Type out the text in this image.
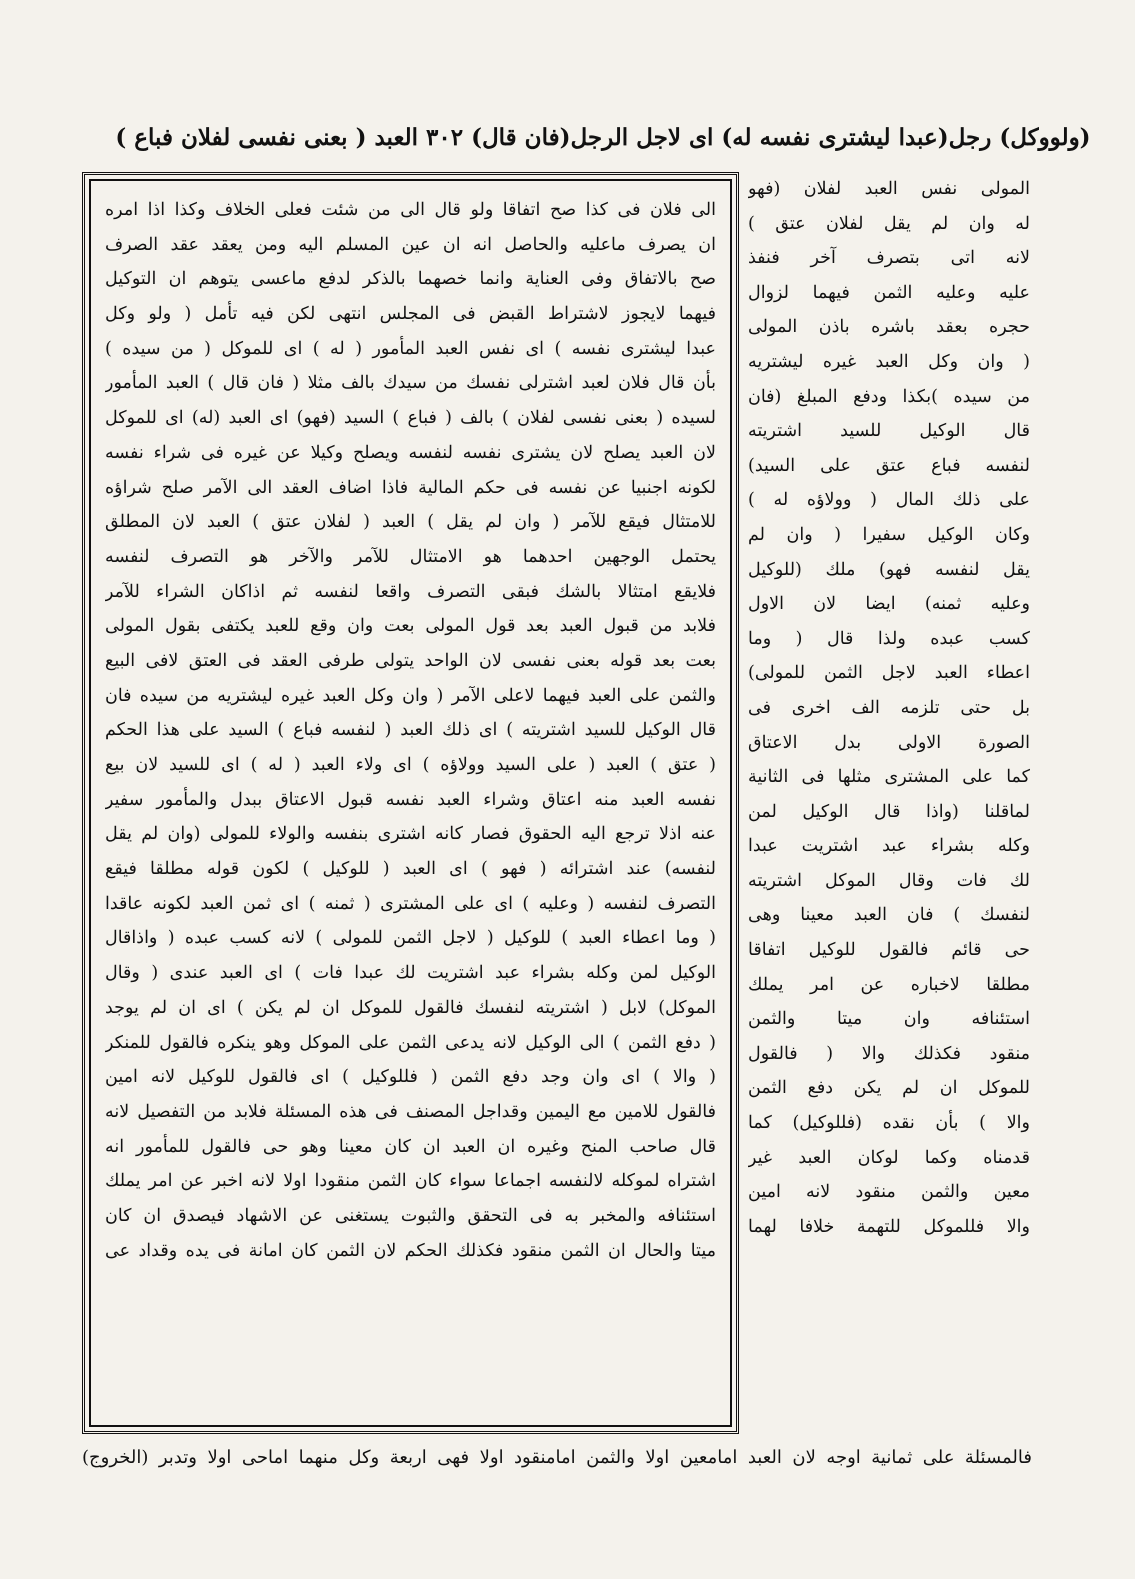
(ولووكل) رجل(عبدا ليشترى نفسه له) اى لاجل الرجل(فان قال) ٣٠٢ العبد ( بعنى نفسى لفلان فباع )
الى فلان فى كذا صح اتفاقا ولو قال الى من شئت فعلى الخلاف وكذا اذا امره
ان يصرف ماعليه والحاصل انه ان عين المسلم اليه ومن يعقد عقد الصرف
صح بالاتفاق وفى العناية وانما خصهما بالذكر لدفع ماعسى يتوهم ان التوكيل
فيهما لايجوز لاشتراط القبض فى المجلس انتهى لكن فيه تأمل ( ولو وكل
عبدا ليشترى نفسه ) اى نفس العبد المأمور ( له ) اى للموكل ( من سيده )
بأن قال فلان لعبد اشترلى نفسك من سيدك بالف مثلا ( فان قال ) العبد المأمور
لسيده ( بعنى نفسى لفلان ) بالف ( فباع ) السيد (فهو) اى العبد (له) اى للموكل
لان العبد يصلح لان يشترى نفسه لنفسه ويصلح وكيلا عن غيره فى شراء نفسه
لكونه اجنبيا عن نفسه فى حكم المالية فاذا اضاف العقد الى الآمر صلح شراؤه
للامتثال فيقع للآمر ( وان لم يقل ) العبد ( لفلان عتق ) العبد لان المطلق
يحتمل الوجهين احدهما هو الامتثال للآمر والآخر هو التصرف لنفسه
فلايقع امتثالا بالشك فبقى التصرف واقعا لنفسه ثم اذاكان الشراء للآمر
فلابد من قبول العبد بعد قول المولى بعت وان وقع للعبد يكتفى بقول المولى
بعت بعد قوله بعنى نفسى لان الواحد يتولى طرفى العقد فى العتق لافى البيع
والثمن على العبد فيهما لاعلى الآمر ( وان وكل العبد غيره ليشتريه من سيده فان
قال الوكيل للسيد اشتريته ) اى ذلك العبد ( لنفسه فباع ) السيد على هذا الحكم
( عتق ) العبد ( على السيد وولاؤه ) اى ولاء العبد ( له ) اى للسيد لان بيع
نفسه العبد منه اعتاق وشراء العبد نفسه قبول الاعتاق ببدل والمأمور سفير
عنه اذلا ترجع اليه الحقوق فصار كانه اشترى بنفسه والولاء للمولى (وان لم يقل
لنفسه) عند اشترائه ( فهو ) اى العبد ( للوكيل ) لكون قوله مطلقا فيقع
التصرف لنفسه ( وعليه ) اى على المشترى ( ثمنه ) اى ثمن العبد لكونه عاقدا
( وما اعطاء العبد ) للوكيل ( لاجل الثمن للمولى ) لانه كسب عبده ( واذاقال
الوكيل لمن وكله بشراء عبد اشتريت لك عبدا فات ) اى العبد عندى ( وقال
الموكل) لابل ( اشتريته لنفسك فالقول للموكل ان لم يكن ) اى ان لم يوجد
( دفع الثمن ) الى الوكيل لانه يدعى الثمن على الموكل وهو ينكره فالقول للمنكر
( والا ) اى وان وجد دفع الثمن ( فللوكيل ) اى فالقول للوكيل لانه امين
فالقول للامين مع اليمين وقداجل المصنف فى هذه المسئلة فلابد من التفصيل لانه
قال صاحب المنح وغيره ان العبد ان كان معينا وهو حى فالقول للمأمور انه
اشتراه لموكله لالنفسه اجماعا سواء كان الثمن منقودا اولا لانه اخبر عن امر يملك
استئنافه والمخبر به فى التحقق والثبوت يستغنى عن الاشهاد فيصدق ان كان
ميتا والحال ان الثمن منقود فكذلك الحكم لان الثمن كان امانة فى يده وقداد عى
المولى نفس العبد لفلان (فهو
له وان لم يقل لفلان عتق )
لانه اتى بتصرف آخر فنفذ
عليه وعليه الثمن فيهما لزوال
حجره بعقد باشره باذن المولى
( وان وكل العبد غيره ليشتريه
من سيده )بكذا ودفع المبلغ (فان
قال الوكيل للسيد اشتريته
لنفسه فباع عتق على السيد)
على ذلك المال ( وولاؤه له )
وكان الوكيل سفيرا ( وان لم
يقل لنفسه فهو) ملك (للوكيل
وعليه ثمنه) ايضا لان الاول
كسب عبده ولذا قال ( وما
اعطاء العبد لاجل الثمن للمولى)
بل حتى تلزمه الف اخرى فى
الصورة الاولى بدل الاعتاق
كما على المشترى مثلها فى الثانية
لماقلنا (واذا قال الوكيل لمن
وكله بشراء عبد اشتريت عبدا
لك فات وقال الموكل اشتريته
لنفسك ) فان العبد معينا وهى
حى قائم فالقول للوكيل اتفاقا
مطلقا لاخباره عن امر يملك
استئنافه وان ميتا والثمن
منقود فكذلك والا ( فالقول
للموكل ان لم يكن دفع الثمن
والا ) بأن نقده (فللوكيل) كما
قدمناه وكما لوكان العبد غير
معين والثمن منقود لانه امين
والا فللموكل للتهمة خلافا لهما
فالمسئلة على ثمانية اوجه لان العبد امامعين اولا والثمن امامنقود اولا فهى اربعة وكل منهما اماحى اولا وتدبر (الخروج)
